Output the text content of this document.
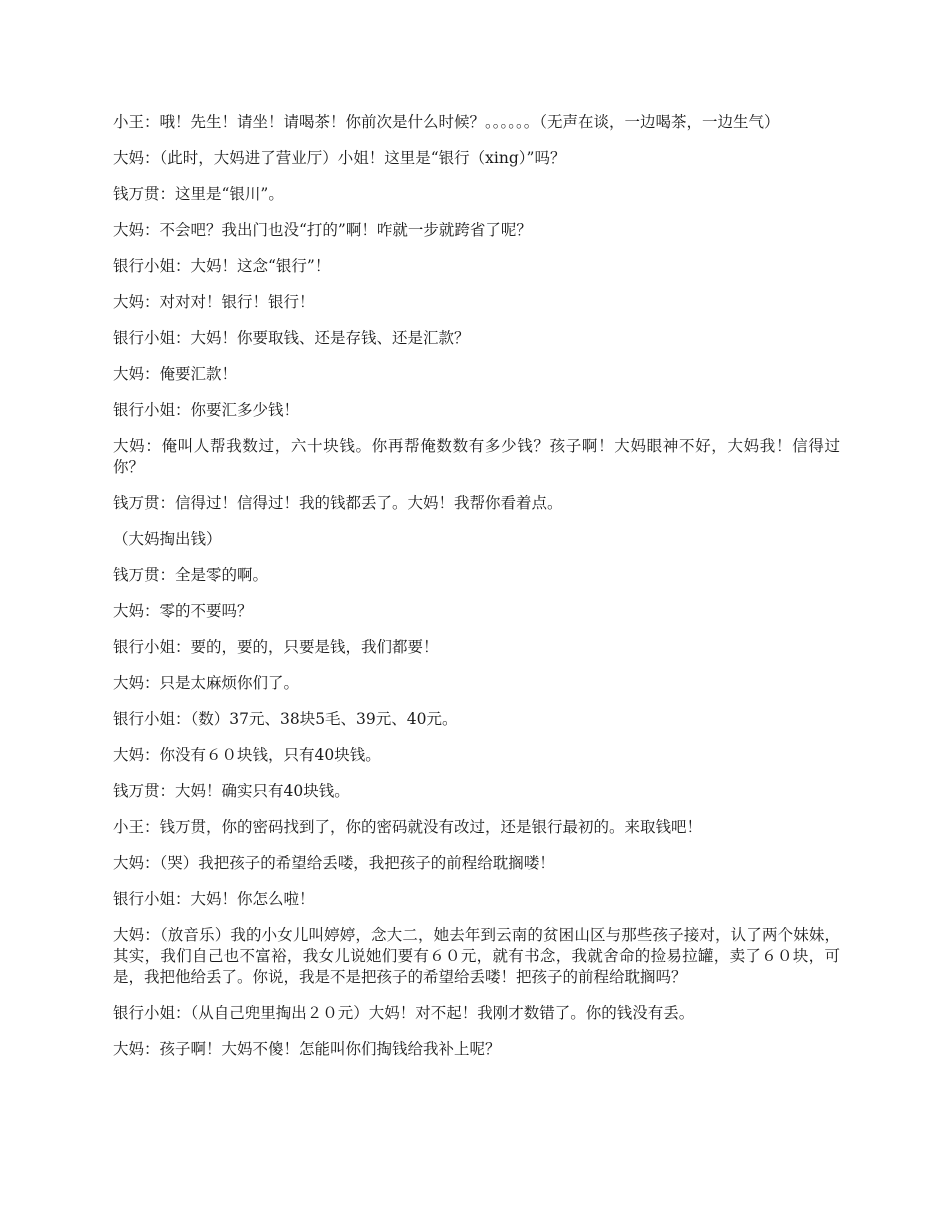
小王：哦！先生！请坐！请喝茶！你前次是什么时候？。。。。。。（无声在谈，一边喝茶，一边生气）

大妈：（此时，大妈进了营业厅）小姐！这里是“银行（xing）”吗？

钱万贯：这里是“银川”。

大妈：不会吧？我出门也没“打的”啊！咋就一步就跨省了呢？

银行小姐：大妈！这念“银行”！

大妈：对对对！银行！银行！

银行小姐：大妈！你要取钱、还是存钱、还是汇款？

大妈：俺要汇款！

银行小姐：你要汇多少钱！

大妈：俺叫人帮我数过，六十块钱。你再帮俺数数有多少钱？孩子啊！大妈眼神不好，大妈我！信得过你？

钱万贯：信得过！信得过！我的钱都丢了。大妈！我帮你看着点。

（大妈掏出钱）

钱万贯：全是零的啊。

大妈：零的不要吗？

银行小姐：要的，要的，只要是钱，我们都要！

大妈：只是太麻烦你们了。

银行小姐：（数）37元、38块5毛、39元、40元。

大妈：你没有６０块钱，只有40块钱。

钱万贯：大妈！确实只有40块钱。

小王：钱万贯，你的密码找到了，你的密码就没有改过，还是银行最初的。来取钱吧！

大妈：（哭）我把孩子的希望给丢喽，我把孩子的前程给耽搁喽！

银行小姐：大妈！你怎么啦！

大妈：（放音乐）我的小女儿叫婷婷，念大二，她去年到云南的贫困山区与那些孩子接对，认了两个妹妹，其实，我们自己也不富裕，我女儿说她们要有６０元，就有书念，我就舍命的捡易拉罐，卖了６０块，可是，我把他给丢了。你说，我是不是把孩子的希望给丢喽！把孩子的前程给耽搁吗？

银行小姐：（从自己兜里掏出２０元）大妈！对不起！我刚才数错了。你的钱没有丢。

大妈：孩子啊！大妈不傻！怎能叫你们掏钱给我补上呢？
